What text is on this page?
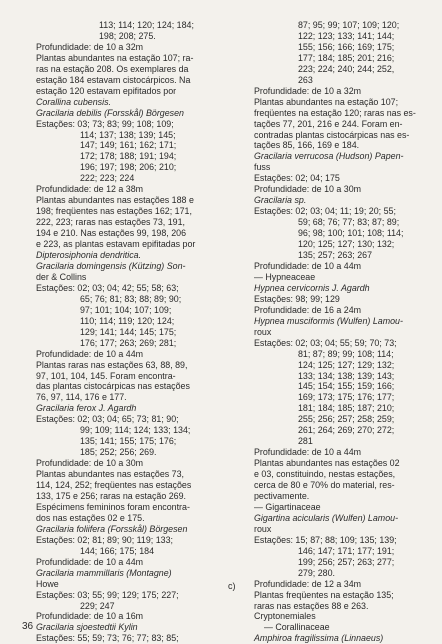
113; 114; 120; 124; 184;
198; 208; 275.
Profundidade: de 10 a 32m
Plantas abundantes na estação 107; ra-
ras na estação 208. Os exemplares da
estação 184 estavam cistocárpicos. Na
estação 120 estavam epifitados por
Corallina cubensis.
Gracilaria debilis (Forsskål) Börgesen
Estações: 03; 73; 83; 99; 108; 109;
114; 137; 138; 139; 145;
147; 149; 161; 162; 171;
172; 178; 188; 191; 194;
196; 197; 198; 206; 210;
222; 223; 224
Profundidade: de 12 a 38m
Plantas abundantes nas estações 188 e
198; freqüentes nas estações 162; 171,
222, 223; raras nas estações 73, 191,
194 e 210. Nas estações 99, 198, 206
e 223, as plantas estavam epifitadas por
Dipterosiphonia dendritica.
Gracilaria domingensis (Kützing) Son-
der & Collins
Estações: 02; 03; 04; 42; 55; 58; 63;
65; 76; 81; 83; 88; 89; 90;
97; 101; 104; 107; 109;
110; 114; 119; 120; 124;
129; 141; 144; 145; 175;
176; 177; 263; 269; 281;
Profundidade: de 10 a 44m
Plantas raras nas estações 63, 88, 89,
97, 101, 104, 145. Foram encontra-
das plantas cistocárpicas nas estações
76, 97, 114, 176 e 177.
Gracilaria ferox J. Agardh
Estações: 02; 03; 04; 65; 73; 81; 90;
99; 109; 114; 124; 133; 134;
135; 141; 155; 175; 176;
185; 252; 256; 269.
Profundidade: de 10 a 30m
Plantas abundantes nas estações 73,
114, 124, 252; freqüentes nas estações
133, 175 e 256; raras na estação 269.
Espécimens femininos foram encontra-
dos nas estações 02 e 175.
Gracilaria foliifera (Forsskål) Börgesen
Estações: 02; 81; 89; 90; 119; 133;
144; 166; 175; 184
Profundidade: de 10 a 44m
Gracilaria mammillaris (Montagne)
Howe
Estações: 03; 55; 99; 129; 175; 227;
229; 247
Profundidade: de 10 a 16m
Gracilaria sjoestedtii Kylin
Estações: 55; 59; 73; 76; 77; 83; 85;
87; 95; 99; 107; 109; 120;
122; 123; 133; 141; 144;
155; 156; 166; 169; 175;
177; 184; 185; 201; 216;
223; 224; 240; 244; 252,
263
Profundidade: de 10 a 32m
Plantas abundantes na estação 107;
freqüentes na estação 120; raras nas es-
tações 77, 201, 216 e 244. Foram en-
contradas plantas cistocárpicas nas es-
tações 85, 166, 169 e 184.
Gracilaria verrucosa (Hudson) Papen-
fuss
Estações: 02; 04; 175
Profundidade: de 10 a 30m
Gracilaria sp.
Estações: 02; 03; 04; 11; 19; 20; 55;
59; 68; 76; 77; 83; 87; 89;
96; 98; 100; 101; 108; 114;
120; 125; 127; 130; 132;
135; 257; 263; 267
Profundidade: de 10 a 44m
— Hypneaceae
Hypnea cervicornis J. Agardh
Estações: 98; 99; 129
Profundidade: de 16 a 24m
Hypnea musciformis (Wulfen) Lamou-
roux
Estações: 02; 03; 04; 55; 59; 70; 73;
81; 87; 89; 99; 108; 114;
124; 125; 127; 129; 132;
133; 134; 138; 139; 143;
145; 154; 155; 159; 166;
169; 173; 175; 176; 177;
181; 184; 185; 187; 210;
255; 256; 257; 258; 259;
261; 264; 269; 270; 272;
281
Profundidade: de 10 a 44m
Plantas abundantes nas estações 02
e 03, constituindo, nestas estações,
cerca de 80 e 70% do material, res-
pectivamente.
— Gigartinaceae
Gigartina acicularis (Wulfen) Lamou-
roux
Estações: 15; 87; 88; 109; 135; 139;
146; 147; 171; 177; 191;
199; 256; 257; 263; 277;
279; 280.
Profundidade: de 12 a 34m
Plantas freqüentes na estação 135;
raras nas estações 88 e 263.
Cryptonemiales
— Corallinaceae
Amphiroa fragilissima (Linnaeus)
c)
36
